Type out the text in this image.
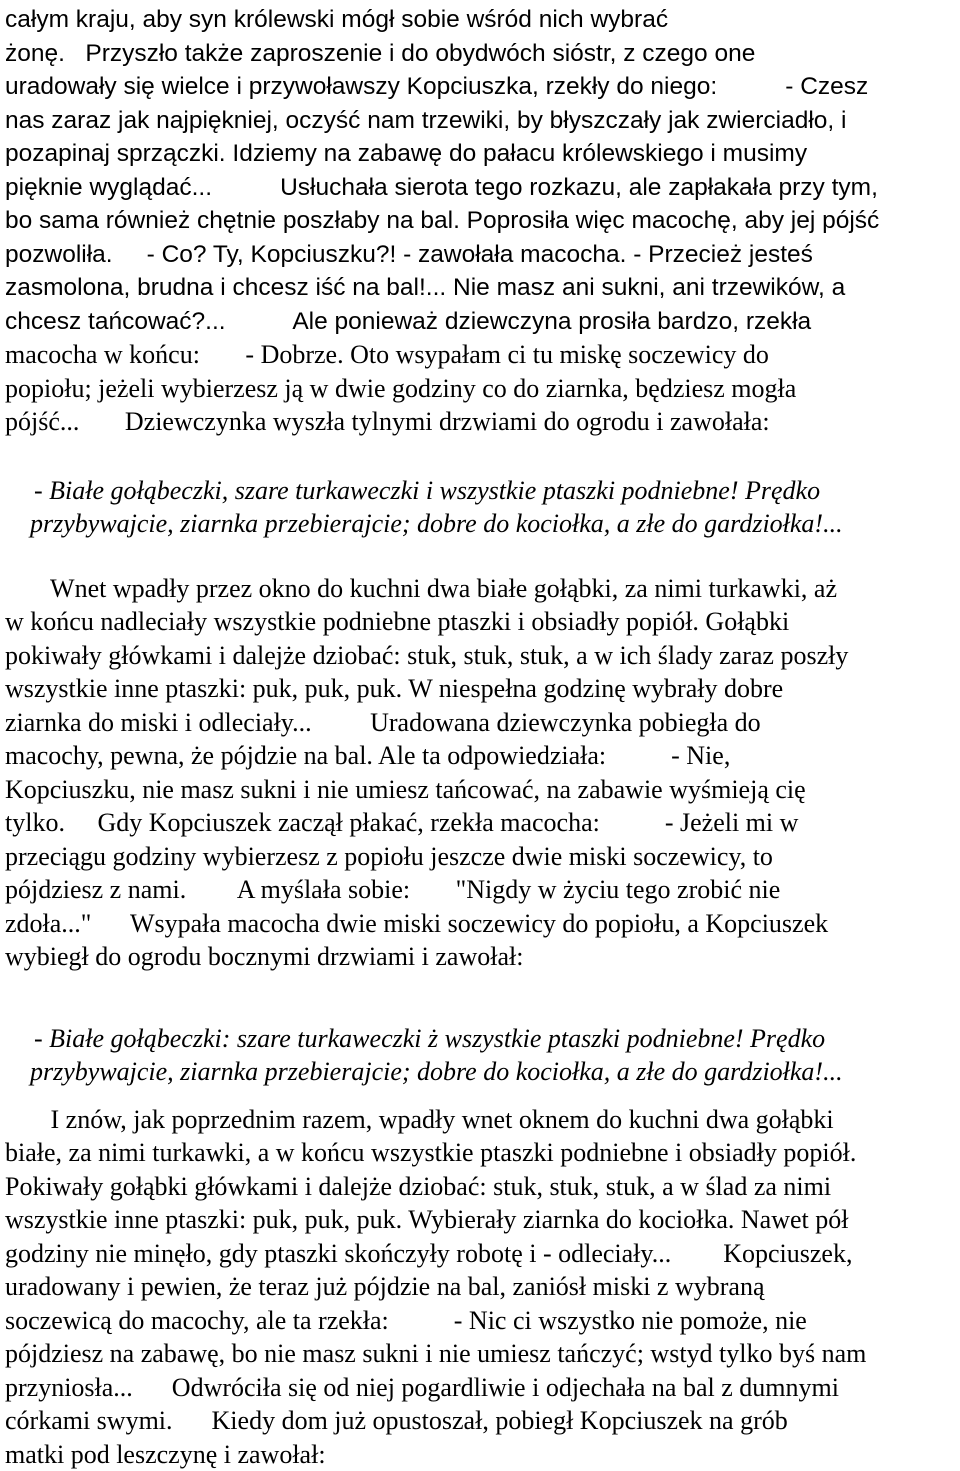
całym kraju, aby syn królewski mógł sobie wśród nich wybrać
żonę.   Przyszło także zaproszenie i do obydwóch sióstr, z czego one
uradowały się wielce i przywoławszy Kopciuszka, rzekły do niego:          - Czesz
nas zaraz jak najpiękniej, oczyść nam trzewiki, by błyszczały jak zwierciadło, i
pozapinaj sprzączki. Idziemy na zabawę do pałacu królewskiego i musimy
pięknie wyglądać...          Usłuchała sierota tego rozkazu, ale zapłakała przy tym,
bo sama również chętnie poszłaby na bal. Poprosiła więc macochę, aby jej pójść
pozwoliła.     - Co? Ty, Kopciuszku?! - zawołała macocha. - Przecież jesteś
zasmolona, brudna i chcesz iść na bal!... Nie masz ani sukni, ani trzewików, a
chcesz tańcować?...          Ale ponieważ dziewczyna prosiła bardzo, rzekła
macocha w końcu:       - Dobrze. Oto wsypałam ci tu miskę soczewicy do
popiołu; jeżeli wybierzesz ją w dwie godziny co do ziarnka, będziesz mogła
pójść...       Dziewczynka wyszła tylnymi drzwiami do ogrodu i zawołała:
- Białe gołąbeczki, szare turkaweczki i wszystkie ptaszki podniebne! Prędko
przybywajcie, ziarnka przebierajcie; dobre do kociołka, a złe do gardziołka!...
Wnet wpadły przez okno do kuchni dwa białe gołąbki, za nimi turkawki, aż
w końcu nadleciały wszystkie podniebne ptaszki i obsiadły popiół. Gołąbki
pokiwały główkami i dalejże dziobać: stuk, stuk, stuk, a w ich ślady zaraz poszły
wszystkie inne ptaszki: puk, puk, puk. W niespełna godzinę wybrały dobre
ziarnka do miski i odleciały...         Uradowana dziewczynka pobiegła do
macochy, pewna, że pójdzie na bal. Ale ta odpowiedziała:          - Nie,
Kopciuszku, nie masz sukni i nie umiesz tańcować, na zabawie wyśmieją cię
tylko.     Gdy Kopciuszek zaczął płakać, rzekła macocha:          - Jeżeli mi w
przeciągu godziny wybierzesz z popiołu jeszcze dwie miski soczewicy, to
pójdziesz z nami.        A myślała sobie:       "Nigdy w życiu tego zrobić nie
zdoła..."      Wsypała macocha dwie miski soczewicy do popiołu, a Kopciuszek
wybiegł do ogrodu bocznymi drzwiami i zawołał:
- Białe gołąbeczki: szare turkaweczki ż wszystkie ptaszki podniebne! Prędko
przybywajcie, ziarnka przebierajcie; dobre do kociołka, a złe do gardziołka!...
I znów, jak poprzednim razem, wpadły wnet oknem do kuchni dwa gołąbki
białe, za nimi turkawki, a w końcu wszystkie ptaszki podniebne i obsiadły popiół.
Pokiwały gołąbki główkami i dalejże dziobać: stuk, stuk, stuk, a w ślad za nimi
wszystkie inne ptaszki: puk, puk, puk. Wybierały ziarnka do kociołka. Nawet pół
godziny nie minęło, gdy ptaszki skończyły robotę i - odleciały...        Kopciuszek,
uradowany i pewien, że teraz już pójdzie na bal, zaniósł miski z wybraną
soczewicą do macochy, ale ta rzekła:          - Nic ci wszystko nie pomoże, nie
pójdziesz na zabawę, bo nie masz sukni i nie umiesz tańczyć; wstyd tylko byś nam
przyniosła...      Odwróciła się od niej pogardliwie i odjechała na bal z dumnymi
córkami swymi.      Kiedy dom już opustoszał, pobiegł Kopciuszek na grób
matki pod leszczynę i zawołał:
